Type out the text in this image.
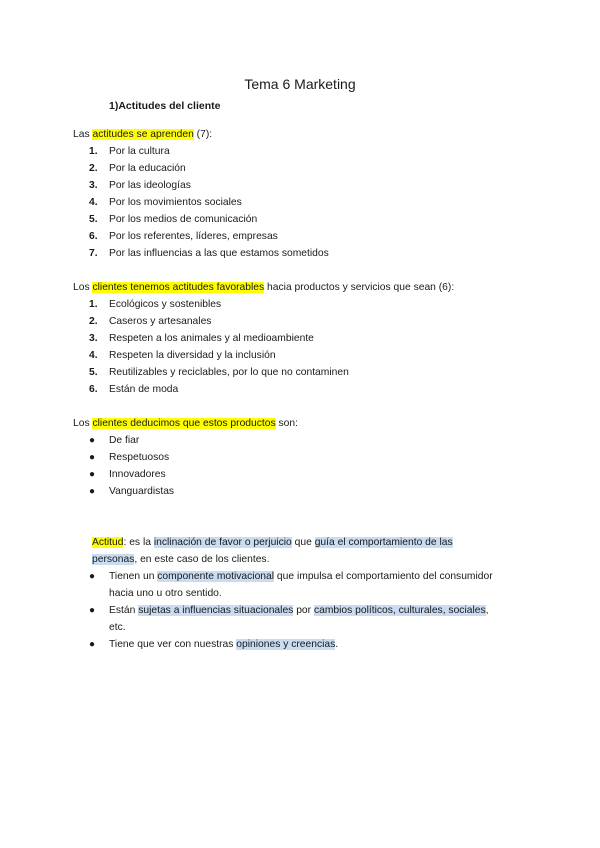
Tema 6 Marketing
1)Actitudes del cliente
Las actitudes se aprenden (7):
1. Por la cultura
2. Por la educación
3. Por las ideologías
4. Por los movimientos sociales
5. Por los medios de comunicación
6. Por los referentes, líderes, empresas
7. Por las influencias a las que estamos sometidos
Los clientes tenemos actitudes favorables hacia productos y servicios que sean (6):
1. Ecológicos y sostenibles
2. Caseros y artesanales
3. Respeten a los animales y al medioambiente
4. Respeten la diversidad y la inclusión
5. Reutilizables y reciclables, por lo que no contaminen
6. Están de moda
Los clientes deducimos que estos productos son:
● De fiar
● Respetuosos
● Innovadores
● Vanguardistas
Actitud: es la inclinación de favor o perjuicio que guía el comportamiento de las
personas, en este caso de los clientes.
●	Tienen un componente motivacional que impulsa el comportamiento del consumidor
hacia uno u otro sentido.
●	Están sujetas a influencias situacionales por cambios políticos, culturales, sociales,
etc.
●	Tiene que ver con nuestras opiniones y creencias.
